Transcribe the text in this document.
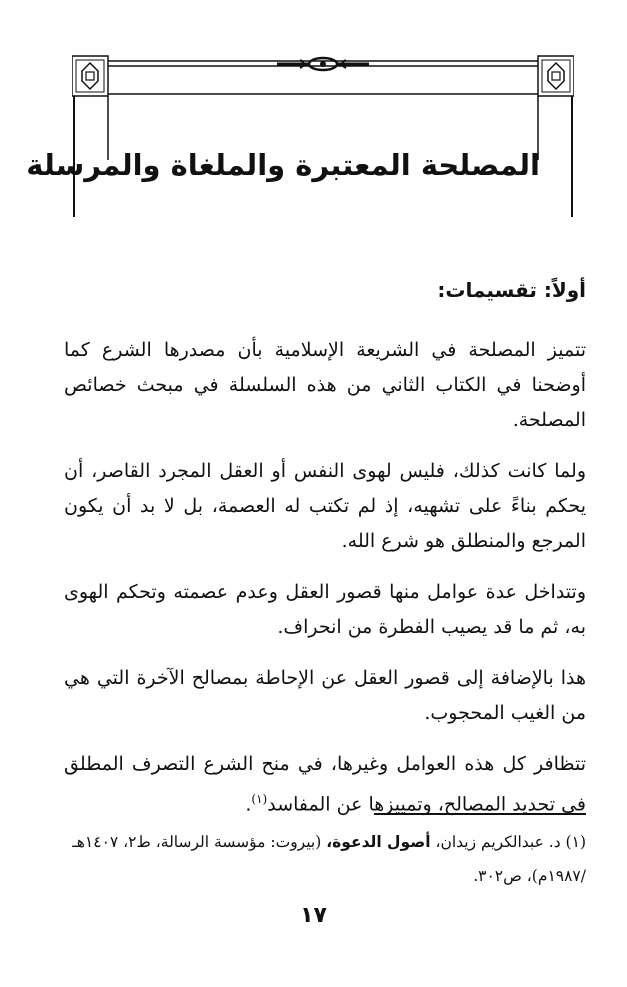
المصلحة المعتبرة والملغاة والمرسلة
أولاً: تقسيمات:

تتميز المصلحة في الشريعة الإسلامية بأن مصدرها الشرع كما أوضحنا في الكتاب الثاني من هذه السلسلة في مبحث خصائص المصلحة.

ولما كانت كذلك، فليس لهوى النفس أو العقل المجرد القاصر، أن يحكم بناءً على تشهيه، إذ لم تكتب له العصمة، بل لا بد أن يكون المرجع والمنطلق هو شرع الله.

وتتداخل عدة عوامل منها قصور العقل وعدم عصمته وتحكم الهوى به، ثم ما قد يصيب الفطرة من انحراف.

هذا بالإضافة إلى قصور العقل عن الإحاطة بمصالح الآخرة التي هي من الغيب المحجوب.

تتظافر كل هذه العوامل وغيرها، في منح الشرع التصرف المطلق في تحديد المصالح، وتمييزها عن المفاسد$^{(١)}$.

(١) د. عبدالكريم زيدان، أصول الدعوة، (بيروت: مؤسسة الرسالة، ط٢، ١٤٠٧هـ /١٩٨٧م)، ص٣٠٢.
١٧
